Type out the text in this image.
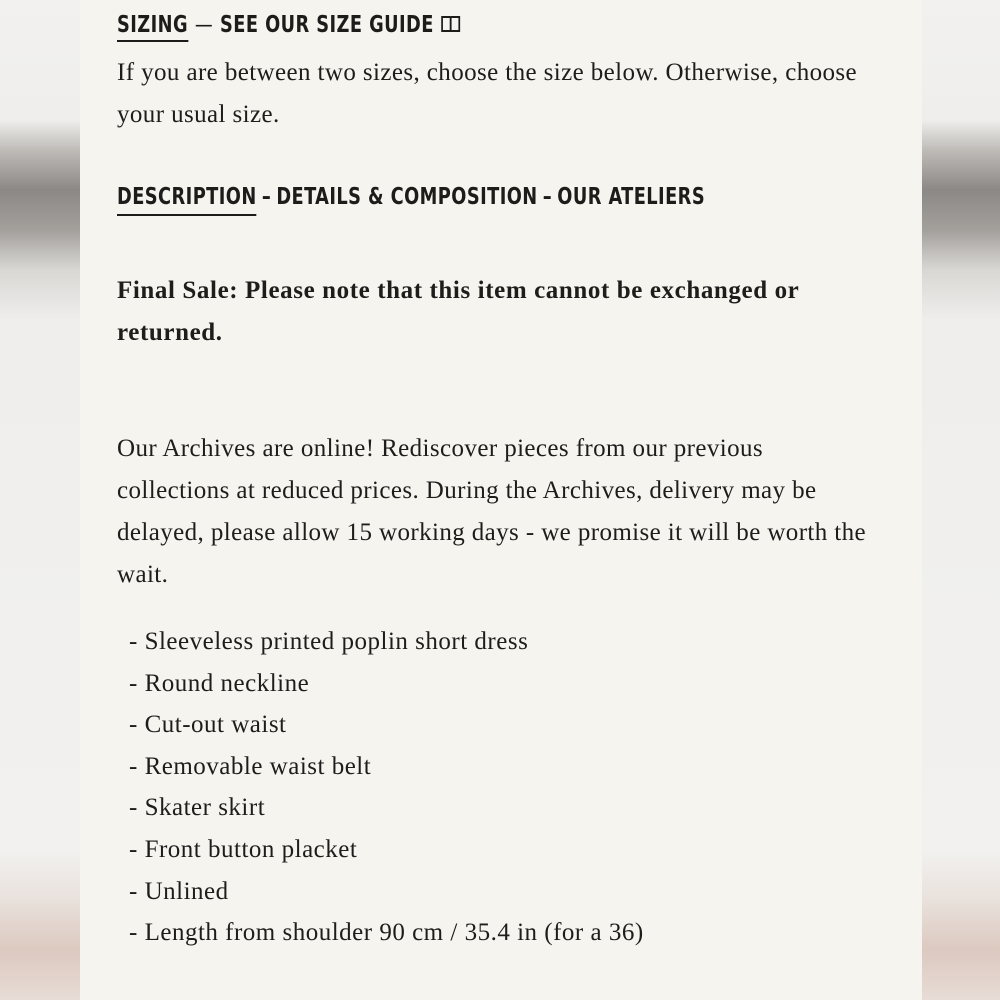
SIZING — SEE OUR SIZE GUIDE
If you are between two sizes, choose the size below. Otherwise, choose your usual size.
DESCRIPTION – DETAILS & COMPOSITION – OUR ATELIERS
Final Sale: Please note that this item cannot be exchanged or returned.
Our Archives are online! Rediscover pieces from our previous collections at reduced prices. During the Archives, delivery may be delayed, please allow 15 working days - we promise it will be worth the wait.
- Sleeveless printed poplin short dress
- Round neckline
- Cut-out waist
- Removable waist belt
- Skater skirt
- Front button placket
- Unlined
- Length from shoulder 90 cm / 35.4 in (for a 36)
